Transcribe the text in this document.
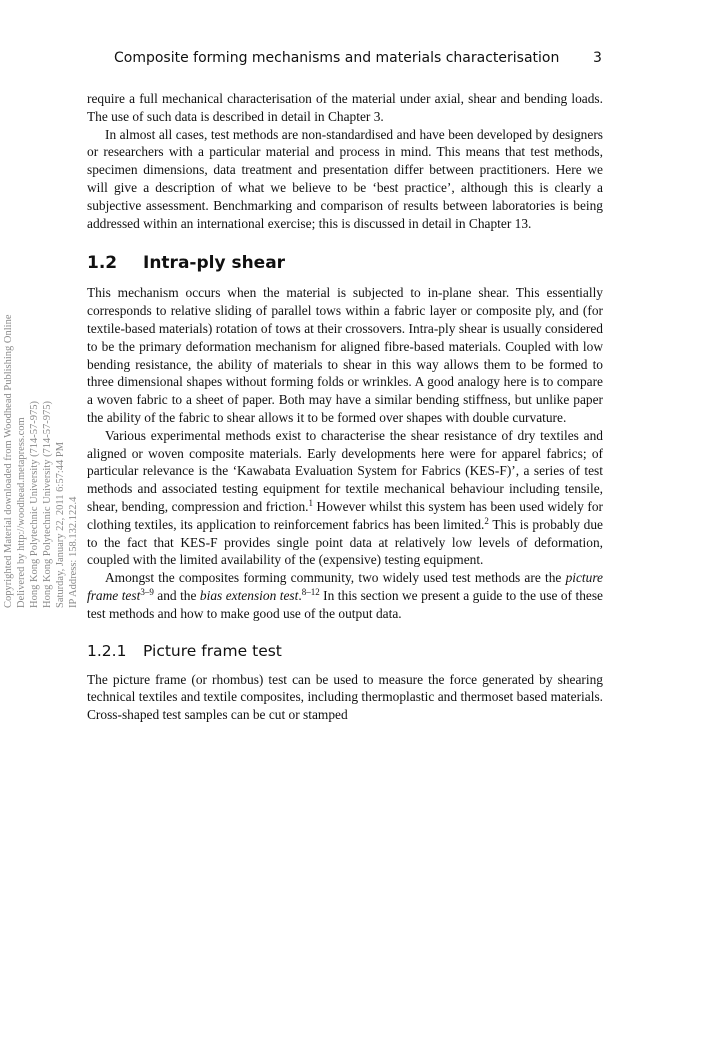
Composite forming mechanisms and materials characterisation 3

require a full mechanical characterisation of the material under axial, shear and bending loads. The use of such data is described in detail in Chapter 3.

In almost all cases, test methods are non-standardised and have been developed by designers or researchers with a particular material and process in mind. This means that test methods, specimen dimensions, data treatment and presentation differ between practitioners. Here we will give a description of what we believe to be ‘best practice’, although this is clearly a subjective assessment. Benchmarking and comparison of results between laboratories is being addressed within an international exercise; this is discussed in detail in Chapter 13.

1.2 Intra-ply shear

This mechanism occurs when the material is subjected to in-plane shear. This essentially corresponds to relative sliding of parallel tows within a fabric layer or composite ply, and (for textile-based materials) rotation of tows at their crossovers. Intra-ply shear is usually considered to be the primary deformation mechanism for aligned fibre-based materials. Coupled with low bending resistance, the ability of materials to shear in this way allows them to be formed to three dimensional shapes without forming folds or wrinkles. A good analogy here is to compare a woven fabric to a sheet of paper. Both may have a similar bending stiffness, but unlike paper the ability of the fabric to shear allows it to be formed over shapes with double curvature.

Various experimental methods exist to characterise the shear resistance of dry textiles and aligned or woven composite materials. Early developments here were for apparel fabrics; of particular relevance is the ‘Kawabata Evaluation System for Fabrics (KES-F)’, a series of test methods and associated testing equipment for textile mechanical behaviour including tensile, shear, bending, compression and friction.$^1$ However whilst this system has been used widely for clothing textiles, its application to reinforcement fabrics has been limited.$^2$ This is probably due to the fact that KES-F provides single point data at relatively low levels of deformation, coupled with the limited availability of the (expensive) testing equipment.

Amongst the composites forming community, two widely used test methods are the picture frame test$^{3-9}$ and the bias extension test.$^{8-12}$ In this section we present a guide to the use of these test methods and how to make good use of the output data.

1.2.1 Picture frame test

The picture frame (or rhombus) test can be used to measure the force generated by shearing technical textiles and textile composites, including thermoplastic and thermoset based materials. Cross-shaped test samples can be cut or stamped

Copyrighted Material downloaded from Woodhead Publishing Online Delivered by http://woodhead.metapress.com Hong Kong Polytechnic University (714-57-975) Hong Kong Polytechnic University (714-57-975) Saturday, January 22, 2011 6:57:44 PM IP Address: 158.132.122.4
